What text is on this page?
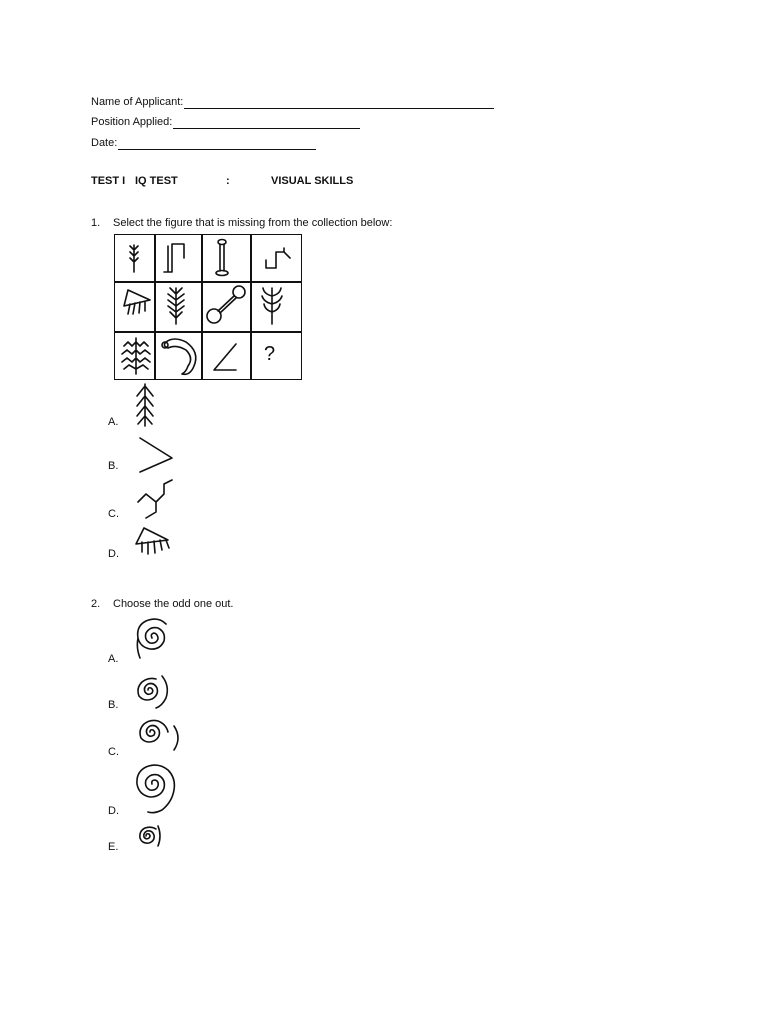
Name of Applicant:
Position Applied:
Date:
TEST I IQ TEST	:	VISUAL SKILLS
1. Select the figure that is missing from the collection below:
?
A.
B.
C.
D.
2. Choose the odd one out.
A.
B.
C.
D.
E.
